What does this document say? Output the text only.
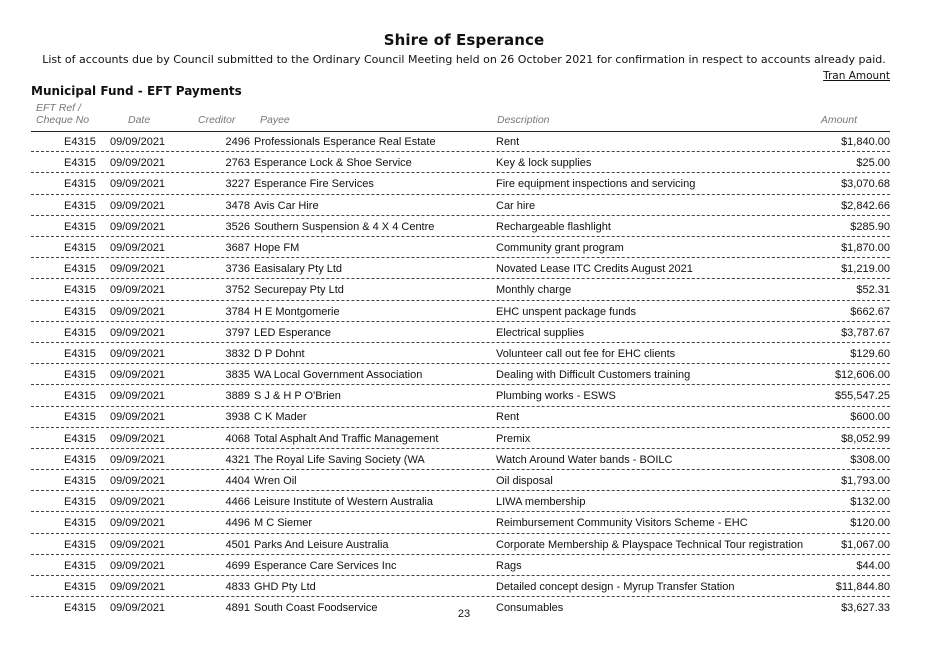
Shire of Esperance
List of accounts due by Council submitted to the Ordinary Council Meeting held on 26 October 2021 for confirmation in respect to accounts already paid.
Tran Amount
Municipal Fund - EFT Payments
EFT Ref /
Cheque No	Date	Creditor Payee	Description	Amount
E4315 09/09/2021	2496 Professionals Esperance Real Estate	Rent	$1,840.00
E4315 09/09/2021	2763 Esperance Lock & Shoe Service	Key & lock supplies	$25.00
E4315 09/09/2021	3227 Esperance Fire Services	Fire equipment inspections and servicing	$3,070.68
E4315 09/09/2021	3478 Avis Car Hire	Car hire	$2,842.66
E4315 09/09/2021	3526 Southern Suspension & 4 X 4 Centre	Rechargeable flashlight	$285.90
E4315 09/09/2021	3687 Hope FM	Community grant program	$1,870.00
E4315 09/09/2021	3736 Easisalary Pty Ltd	Novated Lease ITC Credits August 2021	$1,219.00
E4315 09/09/2021	3752 Securepay Pty Ltd	Monthly charge	$52.31
E4315 09/09/2021	3784 H E Montgomerie	EHC unspent package funds	$662.67
E4315 09/09/2021	3797 LED Esperance	Electrical supplies	$3,787.67
E4315 09/09/2021	3832 D P Dohnt	Volunteer call out fee for EHC clients	$129.60
E4315 09/09/2021	3835 WA Local Government Association	Dealing with Difficult Customers training	$12,606.00
E4315 09/09/2021	3889 S J & H P O'Brien	Plumbing works - ESWS	$55,547.25
E4315 09/09/2021	3938 C K Mader	Rent	$600.00
E4315 09/09/2021	4068 Total Asphalt And Traffic Management	Premix	$8,052.99
E4315 09/09/2021	4321 The Royal Life Saving Society (WA	Watch Around Water bands - BOILC	$308.00
E4315 09/09/2021	4404 Wren Oil	Oil disposal	$1,793.00
E4315 09/09/2021	4466 Leisure Institute of Western Australia	LIWA membership	$132.00
E4315 09/09/2021	4496 M C Siemer	Reimbursement Community Visitors Scheme - EHC	$120.00
E4315 09/09/2021	4501 Parks And Leisure Australia	Corporate Membership & Playspace Technical Tour registration	$1,067.00
E4315 09/09/2021	4699 Esperance Care Services Inc	Rags	$44.00
E4315 09/09/2021	4833 GHD Pty Ltd	Detailed concept design - Myrup Transfer Station	$11,844.80
E4315 09/09/2021	4891 South Coast Foodservice	Consumables	$3,627.33
23
